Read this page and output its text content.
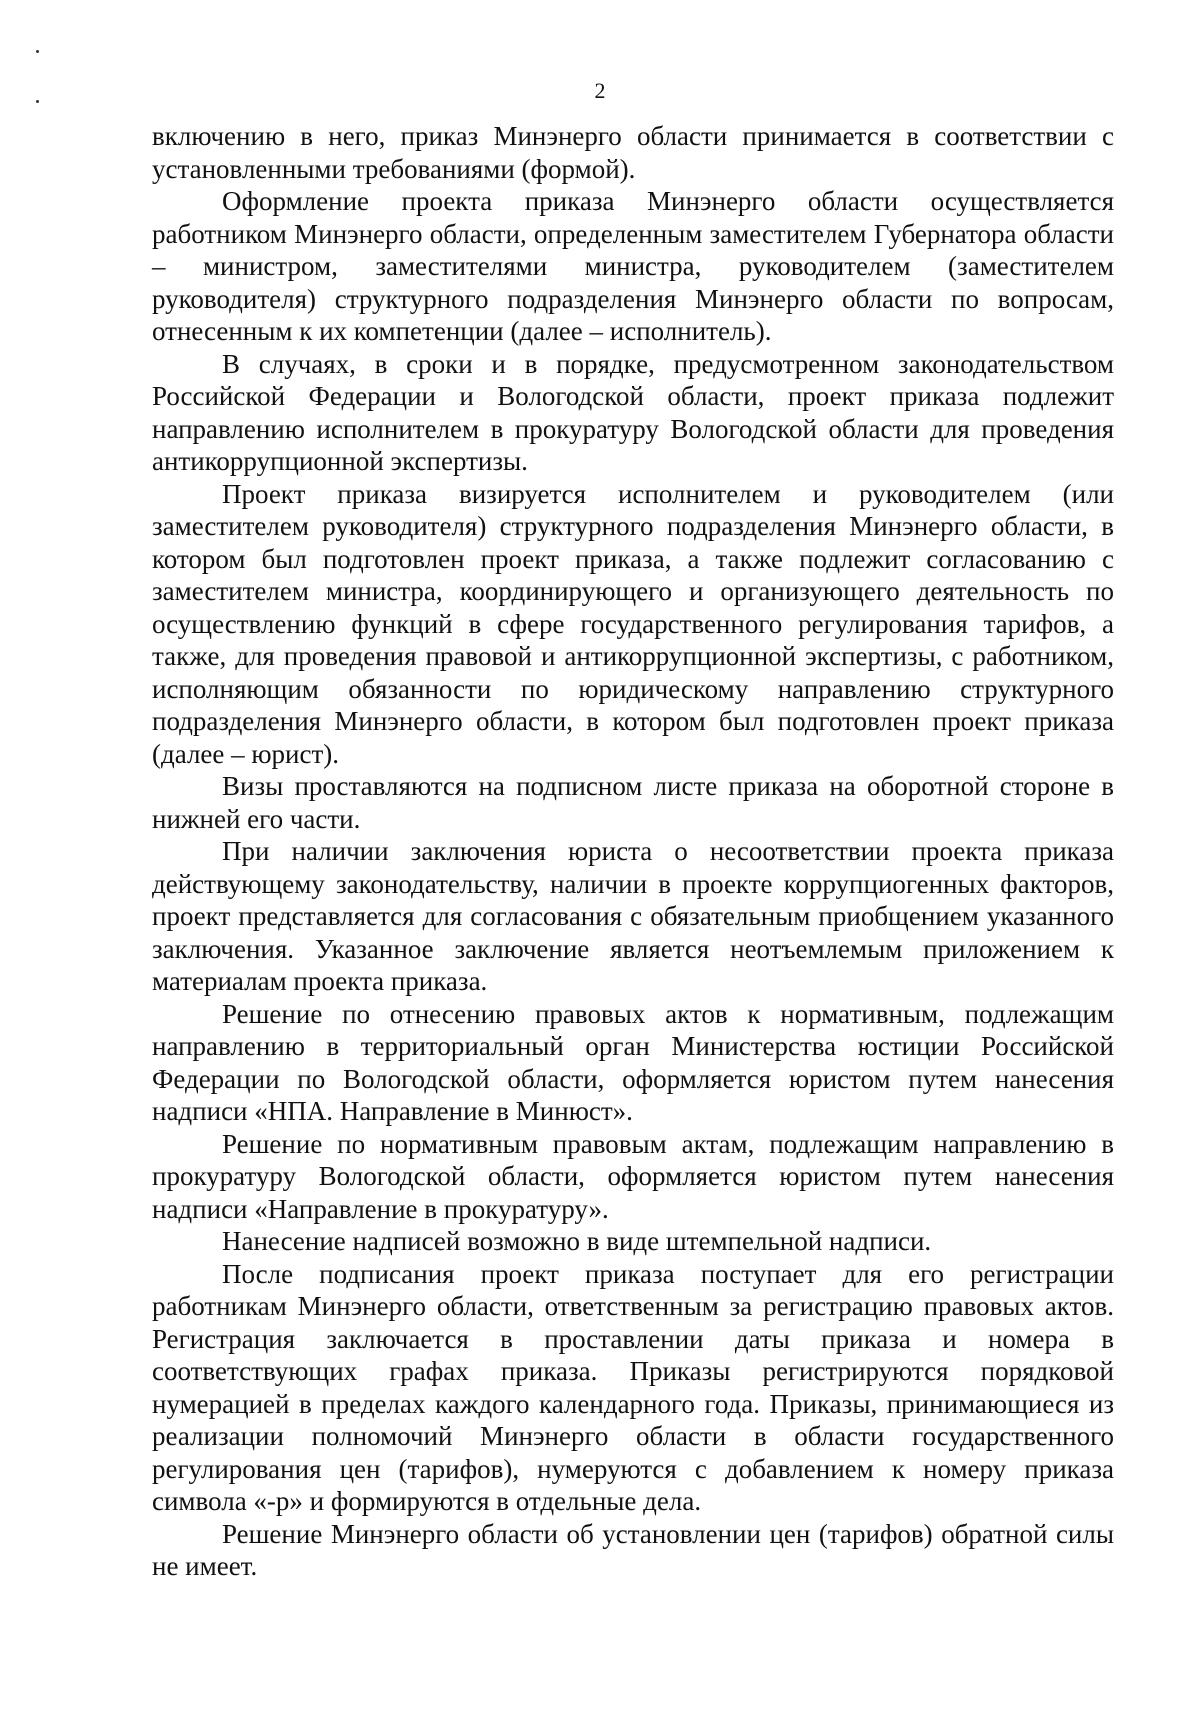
2

включению в него, приказ Минэнерго области принимается в соответствии с установленными требованиями (формой).

Оформление проекта приказа Минэнерго области осуществляется работником Минэнерго области, определенным заместителем Губернатора области – министром, заместителями министра, руководителем (заместителем руководителя) структурного подразделения Минэнерго области по вопросам, отнесенным к их компетенции (далее – исполнитель).

В случаях, в сроки и в порядке, предусмотренном законодательством Российской Федерации и Вологодской области, проект приказа подлежит направлению исполнителем в прокуратуру Вологодской области для проведения антикоррупционной экспертизы.

Проект приказа визируется исполнителем и руководителем (или заместителем руководителя) структурного подразделения Минэнерго области, в котором был подготовлен проект приказа, а также подлежит согласованию с заместителем министра, координирующего и организующего деятельность по осуществлению функций в сфере государственного регулирования тарифов, а также, для проведения правовой и антикоррупционной экспертизы, с работником, исполняющим обязанности по юридическому направлению структурного подразделения Минэнерго области, в котором был подготовлен проект приказа (далее – юрист).

Визы проставляются на подписном листе приказа на оборотной стороне в нижней его части.

При наличии заключения юриста о несоответствии проекта приказа действующему законодательству, наличии в проекте коррупциогенных факторов, проект представляется для согласования с обязательным приобщением указанного заключения. Указанное заключение является неотъемлемым приложением к материалам проекта приказа.

Решение по отнесению правовых актов к нормативным, подлежащим направлению в территориальный орган Министерства юстиции Российской Федерации по Вологодской области, оформляется юристом путем нанесения надписи «НПА. Направление в Минюст».

Решение по нормативным правовым актам, подлежащим направлению в прокуратуру Вологодской области, оформляется юристом путем нанесения надписи «Направление в прокуратуру».

Нанесение надписей возможно в виде штемпельной надписи.

После подписания проект приказа поступает для его регистрации работникам Минэнерго области, ответственным за регистрацию правовых актов. Регистрация заключается в проставлении даты приказа и номера в соответствующих графах приказа. Приказы регистрируются порядковой нумерацией в пределах каждого календарного года. Приказы, принимающиеся из реализации полномочий Минэнерго области в области государственного регулирования цен (тарифов), нумеруются с добавлением к номеру приказа символа «-р» и формируются в отдельные дела.

Решение Минэнерго области об установлении цен (тарифов) обратной силы не имеет.
